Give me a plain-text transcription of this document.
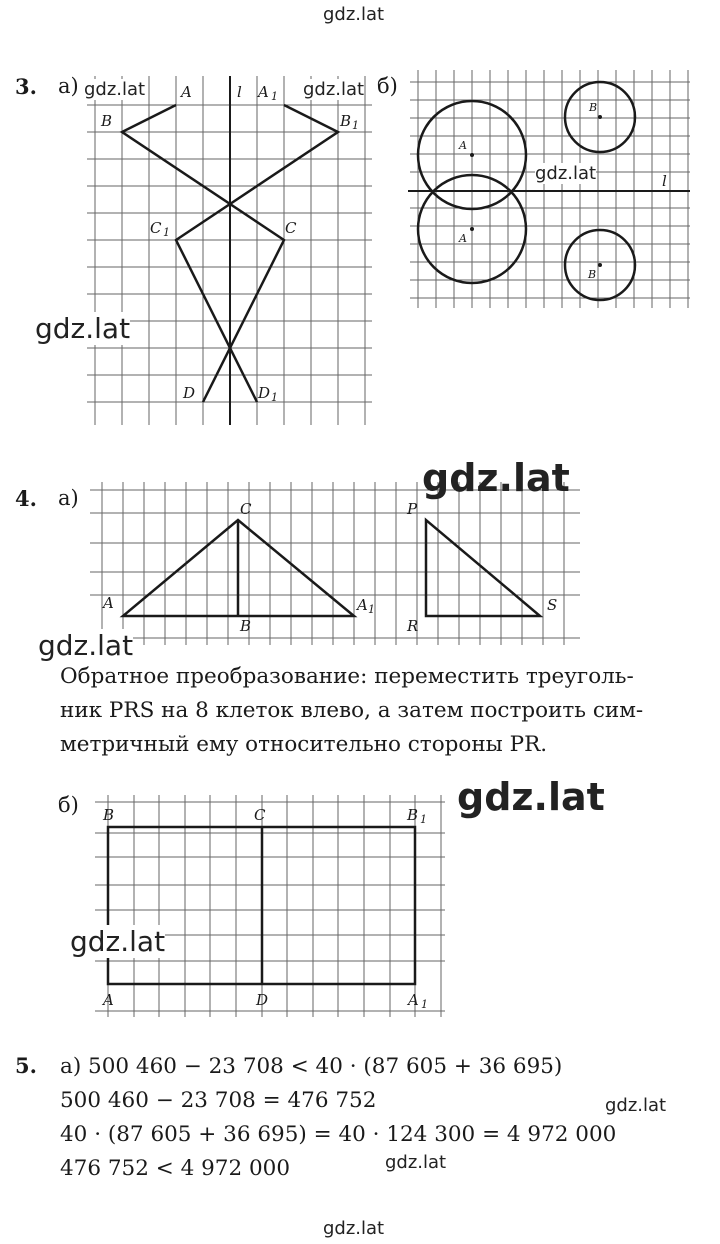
gdz.lat
gdz.lat
3. а)	l
A	A 1
B	B 1
C 1	C
D	D 1
gdz.lat	gdz.lat
gdz.lat
б)
A
A
B
B
l
gdz.lat
4. а)
A
C
B
A 1
P
R
S
gdz.lat
gdz.lat
Обратное преобразование: переместить треуголь-
ник PRS на 8 клеток влево, а затем построить сим-
метричный ему относительно стороны PR.
б) B	C	B 1
A	D	A 1
gdz.lat
gdz.lat
5. а) 500 460 − 23 708 < 40 · (87 605 + 36 695)
500 460 − 23 708 = 476 752
40 · (87 605 + 36 695) = 40 · 124 300 = 4 972 000
476 752 < 4 972 000
gdz.lat
gdz.lat
